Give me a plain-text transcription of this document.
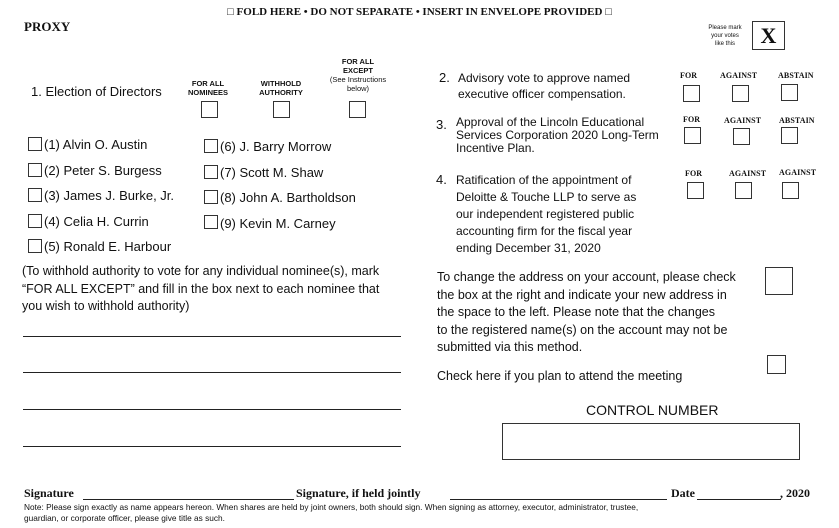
□ FOLD HERE • DO NOT SEPARATE • INSERT IN ENVELOPE PROVIDED □
PROXY	Please mark
your votes
like this	X
1. Election of Directors
FOR ALL
NOMINEES
WITHHOLD
AUTHORITY
FOR ALL
EXCEPT
(See Instructions
below)
(1) Alvin O. Austin
(2) Peter S. Burgess
(3) James J. Burke, Jr.
(4) Celia H. Currin
(5) Ronald E. Harbour
(6) J. Barry Morrow
(7) Scott M. Shaw
(8) John A. Bartholdson
(9) Kevin M. Carney
(To withhold authority to vote for any individual nominee(s), mark
“FOR ALL EXCEPT” and fill in the box next to each nominee that
you wish to withhold authority)
2. Advisory vote to approve named
executive officer compensation.
FOR	AGAINST	ABSTAIN
3. Approval of the Lincoln Educational
Services Corporation 2020 Long-Term
Incentive Plan.
FOR	AGAINST ABSTAIN
4. Ratification of the appointment of
Deloitte & Touche LLP to serve as
our independent registered public
accounting firm for the fiscal year
ending December 31, 2020
FOR	AGAINST AGAINST
To change the address on your account, please check
the box at the right and indicate your new address in
the space to the left. Please note that the changes
to the registered name(s) on the account may not be
submitted via this method.
Check here if you plan to attend the meeting
CONTROL NUMBER
Signature	Signature, if held jointly	Date	, 2020
Note: Please sign exactly as name appears hereon. When shares are held by joint owners, both should sign. When signing as attorney, executor, administrator, trustee,
guardian, or corporate officer, please give title as such.
